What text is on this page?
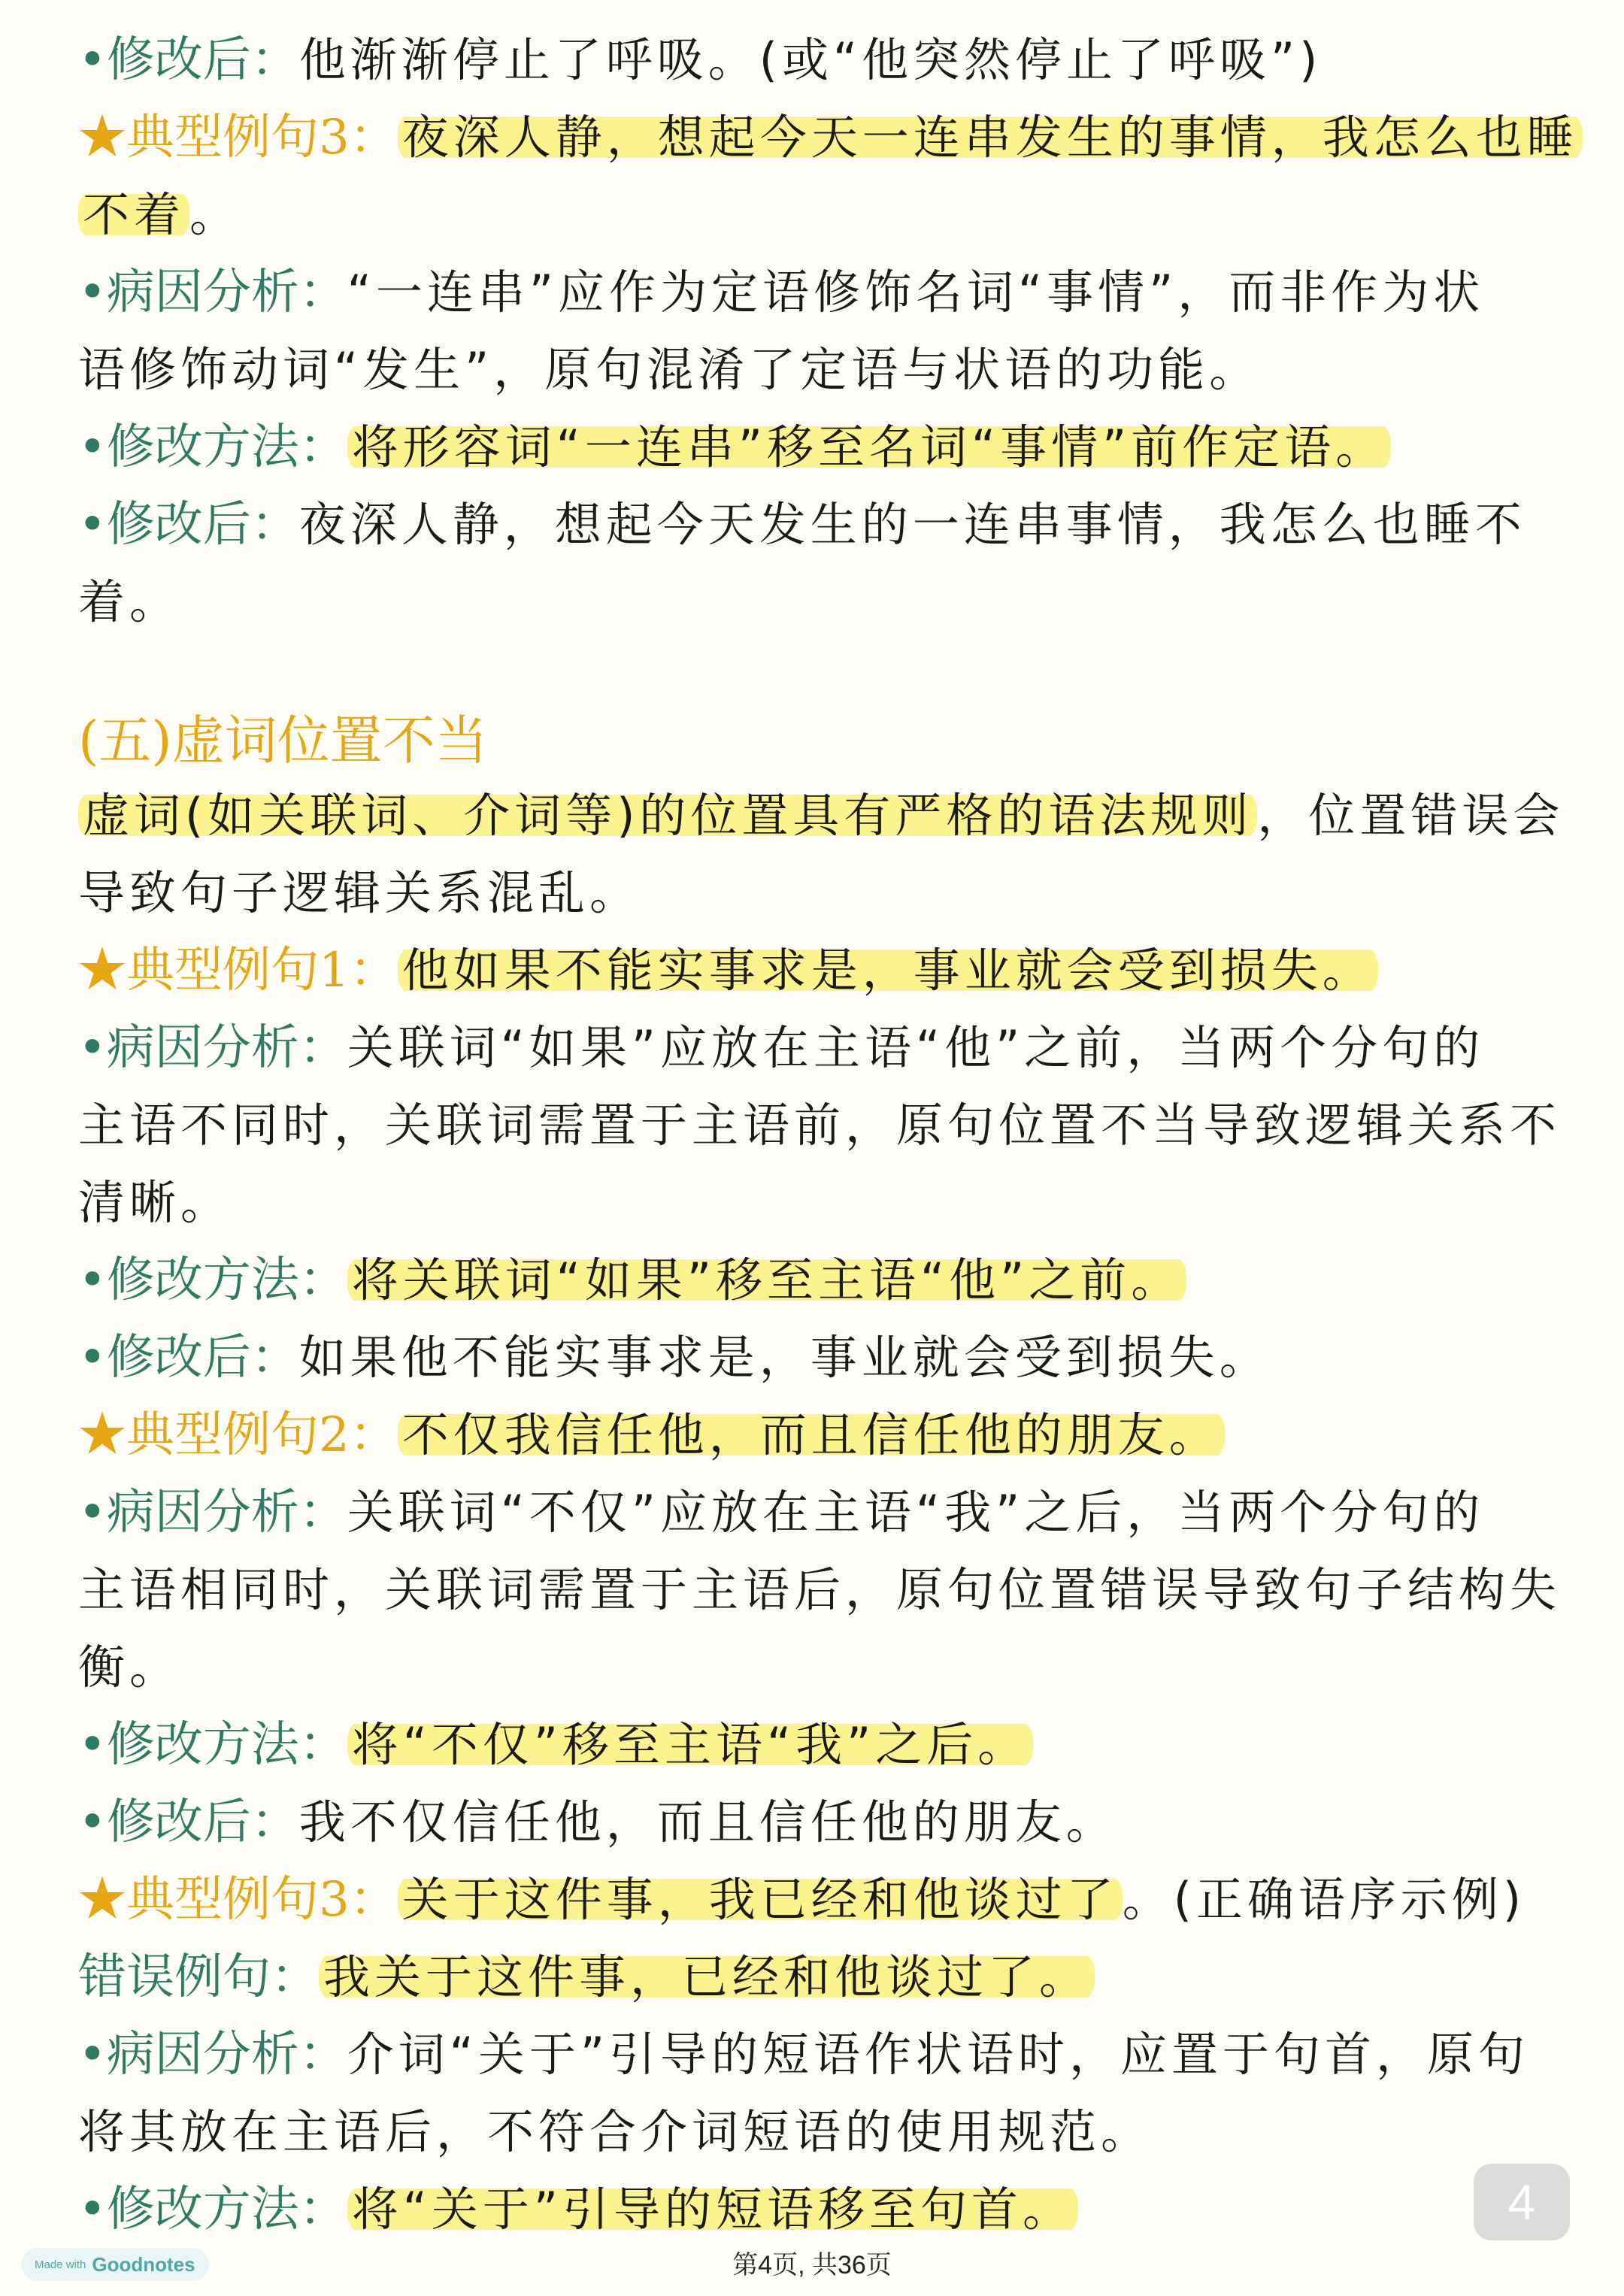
•修改后：他渐渐停止了呼吸。(或“他突然停止了呼吸”)
★典型例句3：夜深人静，想起今天一连串发生的事情，我怎么也睡
不着。
•病因分析：“一连串”应作为定语修饰名词“事情”，而非作为状
语修饰动词“发生”，原句混淆了定语与状语的功能。
•修改方法：将形容词“一连串”移至名词“事情”前作定语。
•修改后：夜深人静，想起今天发生的一连串事情，我怎么也睡不
着。
(五)虚词位置不当
虚词(如关联词、介词等)的位置具有严格的语法规则，位置错误会
导致句子逻辑关系混乱。
★典型例句1：他如果不能实事求是，事业就会受到损失。
•病因分析：关联词“如果”应放在主语“他”之前，当两个分句的
主语不同时，关联词需置于主语前，原句位置不当导致逻辑关系不
清晰。
•修改方法：将关联词“如果”移至主语“他”之前。
•修改后：如果他不能实事求是，事业就会受到损失。
★典型例句2：不仅我信任他，而且信任他的朋友。
•病因分析：关联词“不仅”应放在主语“我”之后，当两个分句的
主语相同时，关联词需置于主语后，原句位置错误导致句子结构失
衡。
•修改方法：将“不仅”移至主语“我”之后。
•修改后：我不仅信任他，而且信任他的朋友。
★典型例句3：关于这件事，我已经和他谈过了。(正确语序示例)
错误例句：我关于这件事，已经和他谈过了。
•病因分析：介词“关于”引导的短语作状语时，应置于句首，原句
将其放在主语后，不符合介词短语的使用规范。
•修改方法：将“关于”引导的短语移至句首。	4
Made with Goodnotes	第4页, 共36页
